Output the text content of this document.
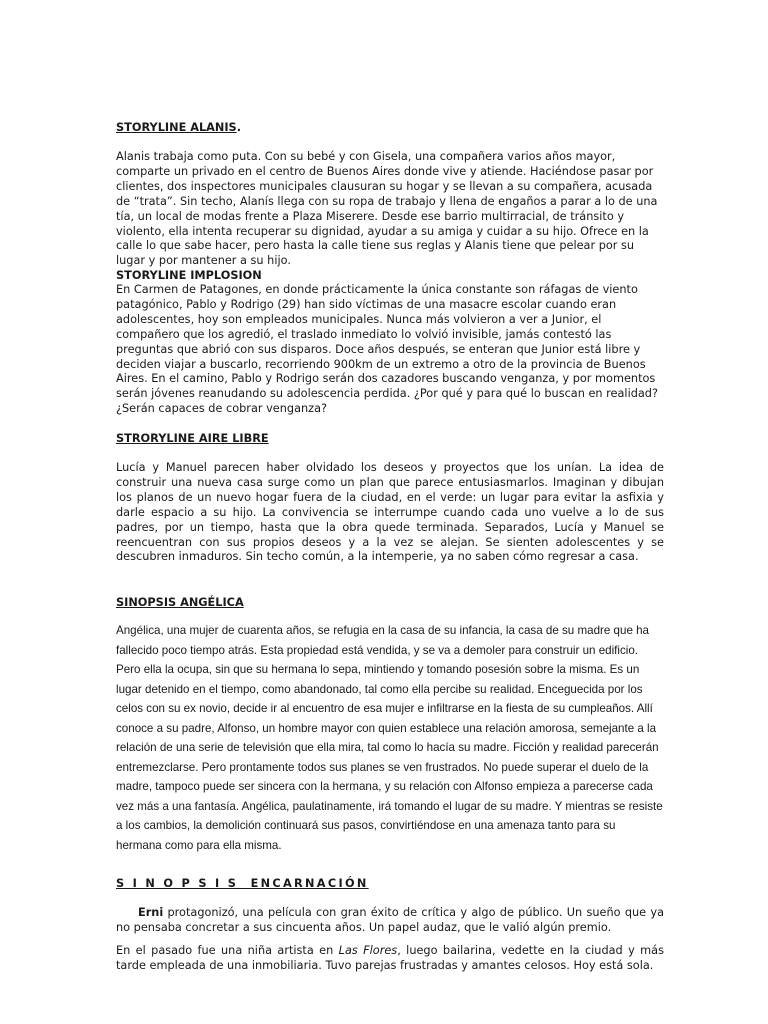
STORYLINE ALANIS.

Alanis trabaja como puta. Con su bebé y con Gisela, una compañera varios años mayor, comparte un privado en el centro de Buenos Aires donde vive y atiende. Haciéndose pasar por clientes, dos inspectores municipales clausuran su hogar y se llevan a su compañera, acusada de “trata”. Sin techo, Alanís llega con su ropa de trabajo y llena de engaños a parar a lo de una tía, un local de modas frente a Plaza Miserere. Desde ese barrio multirracial, de tránsito y violento, ella intenta recuperar su dignidad, ayudar a su amiga y cuidar a su hijo. Ofrece en la calle lo que sabe hacer, pero hasta la calle tiene sus reglas y Alanis tiene que pelear por su lugar y por mantener a su hijo.

STORYLINE IMPLOSION

En Carmen de Patagones, en donde prácticamente la única constante son ráfagas de viento patagónico, Pablo y Rodrigo (29) han sido víctimas de una masacre escolar cuando eran adolescentes, hoy son empleados municipales. Nunca más volvieron a ver a Junior, el compañero que los agredió, el traslado inmediato lo volvió invisible, jamás contestó las preguntas que abrió con sus disparos. Doce años después, se enteran que Junior está libre y deciden viajar a buscarlo, recorriendo 900km de un extremo a otro de la provincia de Buenos Aires. En el camino, Pablo y Rodrigo serán dos cazadores buscando venganza, y por momentos serán jóvenes reanudando su adolescencia perdida. ¿Por qué y para qué lo buscan en realidad? ¿Serán capaces de cobrar venganza?

STRORYLINE AIRE LIBRE

Lucía y Manuel parecen haber olvidado los deseos y proyectos que los unían. La idea de construir una nueva casa surge como un plan que parece entusiasmarlos. Imaginan y dibujan los planos de un nuevo hogar fuera de la ciudad, en el verde: un lugar para evitar la asfixia y darle espacio a su hijo. La convivencia se interrumpe cuando cada uno vuelve a lo de sus padres, por un tiempo, hasta que la obra quede terminada. Separados, Lucía y Manuel se reencuentran con sus propios deseos y a la vez se alejan. Se sienten adolescentes y se descubren inmaduros. Sin techo común, a la intemperie, ya no saben cómo regresar a casa.

SINOPSIS ANGÉLICA

Angélica, una mujer de cuarenta años, se refugia en la casa de su infancia, la casa de su madre que ha fallecido poco tiempo atrás. Esta propiedad está vendida, y se va a demoler para construir un edificio. Pero ella la ocupa, sin que su hermana lo sepa, mintiendo y tomando posesión sobre la misma. Es un lugar detenido en el tiempo, como abandonado, tal como ella percibe su realidad. Enceguecida por los celos con su ex novio, decide ir al encuentro de esa mujer e infiltrarse en la fiesta de su cumpleaños. Allí conoce a su padre, Alfonso, un hombre mayor con quien establece una relación amorosa, semejante a la relación de una serie de televisión que ella mira, tal como lo hacía su madre. Ficción y realidad parecerán entremezclarse. Pero prontamente todos sus planes se ven frustrados. No puede superar el duelo de la madre, tampoco puede ser sincera con la hermana, y su relación con Alfonso empieza a parecerse cada vez más a una fantasía. Angélica, paulatinamente, irá tomando el lugar de su madre. Y mientras se resiste a los cambios, la demolición continuará sus pasos, convirtiéndose en una amenaza tanto para su hermana como para ella misma.

S I N O P S I S  ENCARNACIÓN

Erni protagonizó, una película con gran éxito de crítica y algo de público. Un sueño que ya no pensaba concretar a sus cincuenta años. Un papel audaz, que le valió algún premio.

En el pasado fue una niña artista en Las Flores, luego bailarina, vedette en la ciudad y más tarde empleada de una inmobiliaria. Tuvo parejas frustradas y amantes celosos. Hoy está sola.
